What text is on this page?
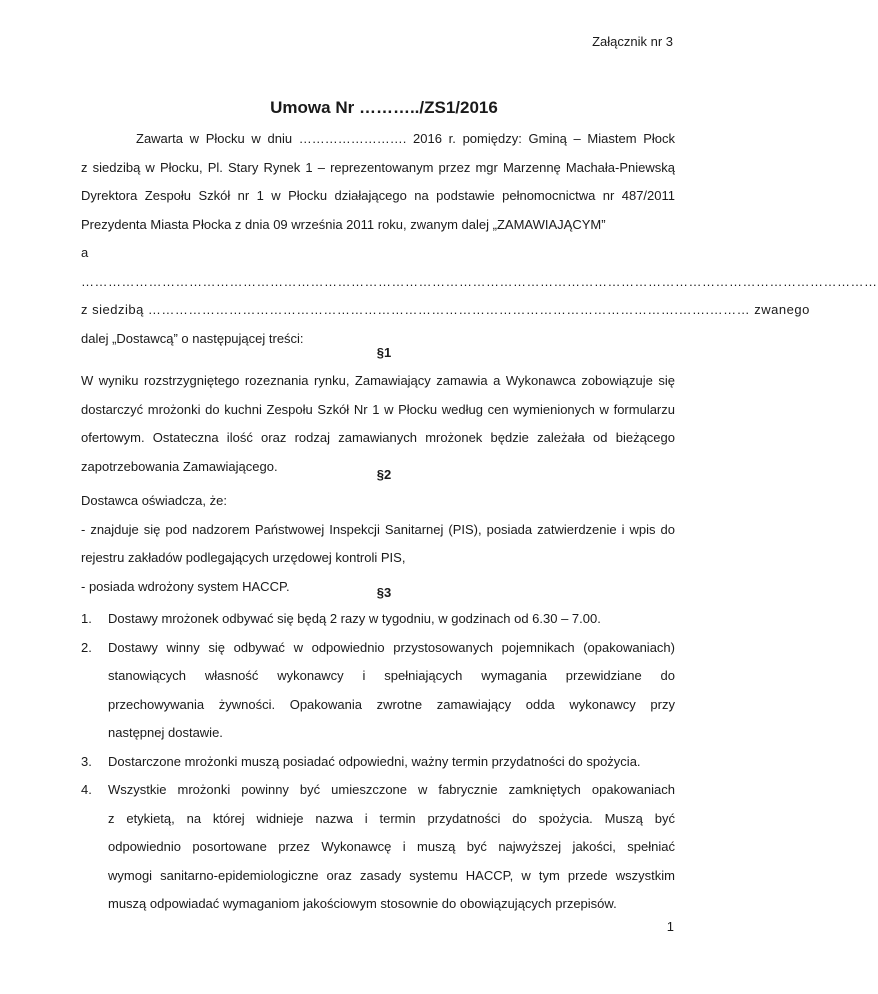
Załącznik nr 3
Umowa Nr ………../ZS1/2016
Zawarta w Płocku w dniu ……………………. 2016 r. pomiędzy: Gminą – Miastem Płock
z siedzibą w Płocku, Pl. Stary Rynek 1 – reprezentowanym przez mgr Marzennę Machała-Pniewską
Dyrektora Zespołu Szkół nr 1 w Płocku działającego na podstawie pełnomocnictwa nr 487/2011
Prezydenta Miasta Płocka z dnia 09 września 2011 roku, zwanym dalej „ZAMAWIAJĄCYM”
a
……………………………………………………………………………………………………………………………………………………………
z siedzibą ……………………………………………………………………………………………………….…….……… zwanego
dalej „Dostawcą” o następującej treści:
§1
W wyniku rozstrzygniętego rozeznania rynku, Zamawiający zamawia a Wykonawca zobowiązuje się
dostarczyć mrożonki do kuchni Zespołu Szkół Nr 1 w Płocku według cen wymienionych w formularzu
ofertowym. Ostateczna ilość oraz rodzaj zamawianych mrożonek będzie zależała od bieżącego
zapotrzebowania Zamawiającego.
§2
Dostawca oświadcza, że:
- znajduje się pod nadzorem Państwowej Inspekcji Sanitarnej (PIS), posiada zatwierdzenie i wpis do
rejestru zakładów podlegających urzędowej kontroli PIS,
- posiada wdrożony system HACCP.	§3
1.	Dostawy mrożonek odbywać się będą 2 razy w tygodniu, w godzinach od 6.30 – 7.00.
2.	Dostawy winny się odbywać w odpowiednio przystosowanych pojemnikach (opakowaniach)
stanowiących własność wykonawcy i spełniających wymagania przewidziane do
przechowywania żywności. Opakowania zwrotne zamawiający odda wykonawcy przy
następnej dostawie.
3.	Dostarczone mrożonki muszą posiadać odpowiedni, ważny termin przydatności do spożycia.
4.	Wszystkie mrożonki powinny być umieszczone w fabrycznie zamkniętych opakowaniach
z etykietą, na której widnieje nazwa i termin przydatności do spożycia. Muszą być
odpowiednio posortowane przez Wykonawcę i muszą być najwyższej jakości, spełniać
wymogi sanitarno-epidemiologiczne oraz zasady systemu HACCP, w tym przede wszystkim
muszą odpowiadać wymaganiom jakościowym stosownie do obowiązujących przepisów.
1
